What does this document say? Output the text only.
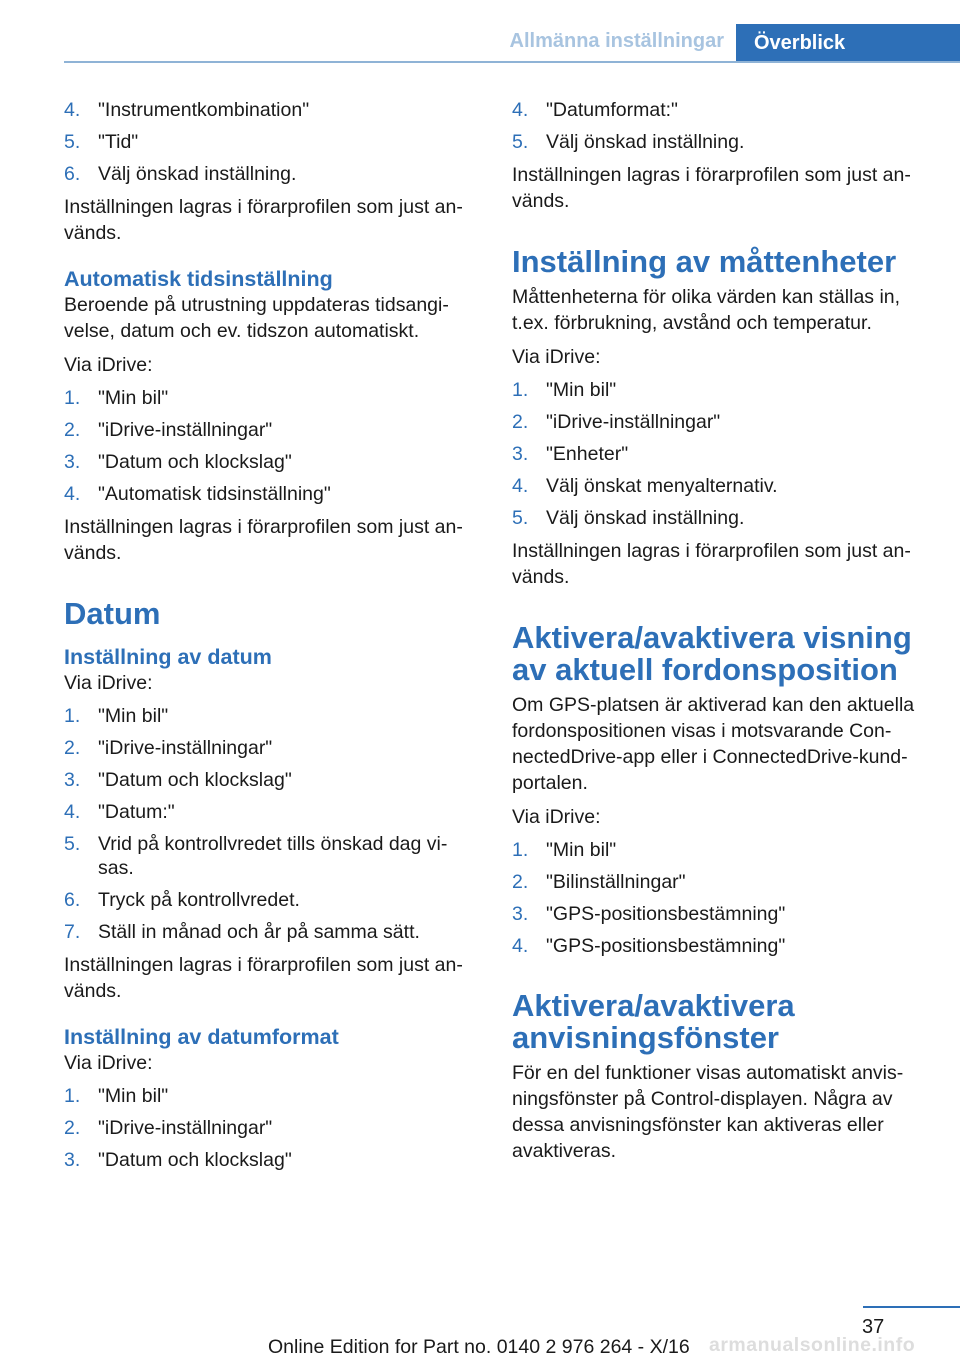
Allmänna inställningar	Överblick
4. "Instrumentkombination"
5. "Tid"
6. Välj önskad inställning.

Inställningen lagras i förarprofilen som just an-vänds.

Automatisk tidsinställning

Beroende på utrustning uppdateras tidsangi-velse, datum och ev. tidszon automatiskt.

Via iDrive:

1. "Min bil"
2. "iDrive-inställningar"
3. "Datum och klockslag"
4. "Automatisk tidsinställning"

Inställningen lagras i förarprofilen som just an-vänds.

Datum
Inställning av datum

Via iDrive:

1. "Min bil"
2. "iDrive-inställningar"
3. "Datum och klockslag"
4. "Datum:"
5. Vrid på kontrollvredet tills önskad dag vi-sas.
6. Tryck på kontrollvredet.
7. Ställ in månad och år på samma sätt.

Inställningen lagras i förarprofilen som just an-vänds.

Inställning av datumformat

Via iDrive:

1. "Min bil"
2. "iDrive-inställningar"
3. "Datum och klockslag"
4. "Datumformat:"
5. Välj önskad inställning.

Inställningen lagras i förarprofilen som just an-vänds.

Inställning av måttenheter

Måttenheterna för olika värden kan ställas in, t.ex. förbrukning, avstånd och temperatur.

Via iDrive:

1. "Min bil"
2. "iDrive-inställningar"
3. "Enheter"
4. Välj önskat menyalternativ.
5. Välj önskad inställning.

Inställningen lagras i förarprofilen som just an-vänds.

Aktivera/avaktivera visning av aktuell fordonsposition

Om GPS-platsen är aktiverad kan den aktuella fordonspositionen visas i motsvarande Con-nectedDrive-app eller i ConnectedDrive-kund-portalen.

Via iDrive:

1. "Min bil"
2. "Bilinställningar"
3. "GPS-positionsbestämning"
4. "GPS-positionsbestämning"
Aktivera/avaktivera anvisningsfönster

För en del funktioner visas automatiskt anvis-ningsfönster på Control-displayen. Några av dessa anvisningsfönster kan aktiveras eller avaktiveras.

37
Online Edition for Part no. 0140 2 976 264 - X/16 armanualsonline.info
